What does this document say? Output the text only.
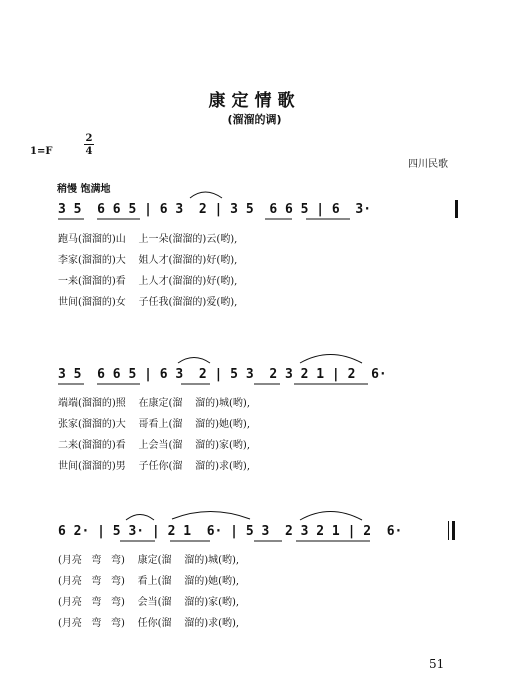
康定情歌
(溜溜的调)
1=F
2
4
四川民歌
稍慢 饱满地
3 5  6 6 5 | 6 3  2 | 3 5  6 6 5 | 6  3·
跑马(溜溜的)山    上一朵(溜溜的)云(哟),
李家(溜溜的)大    姐人才(溜溜的)好(哟),
一来(溜溜的)看    上人才(溜溜的)好(哟),
世间(溜溜的)女    子任我(溜溜的)爱(哟),
3 5  6 6 5 | 6 3  2 | 5 3  2 3 2 1 | 2  6·
端端(溜溜的)照    在康定(溜    溜的)城(哟),
张家(溜溜的)大    哥看上(溜    溜的)她(哟),
二来(溜溜的)看    上会当(溜    溜的)家(哟),
世间(溜溜的)男    子任你(溜    溜的)求(哟),
6 2· | 5 3· | 2 1  6· | 5 3  2 3 2 1 | 2  6·
(月亮   弯   弯)    康定(溜    溜的)城(哟),
(月亮   弯   弯)    看上(溜    溜的)她(哟),
(月亮   弯   弯)    会当(溜    溜的)家(哟),
(月亮   弯   弯)    任你(溜    溜的)求(哟),
51
